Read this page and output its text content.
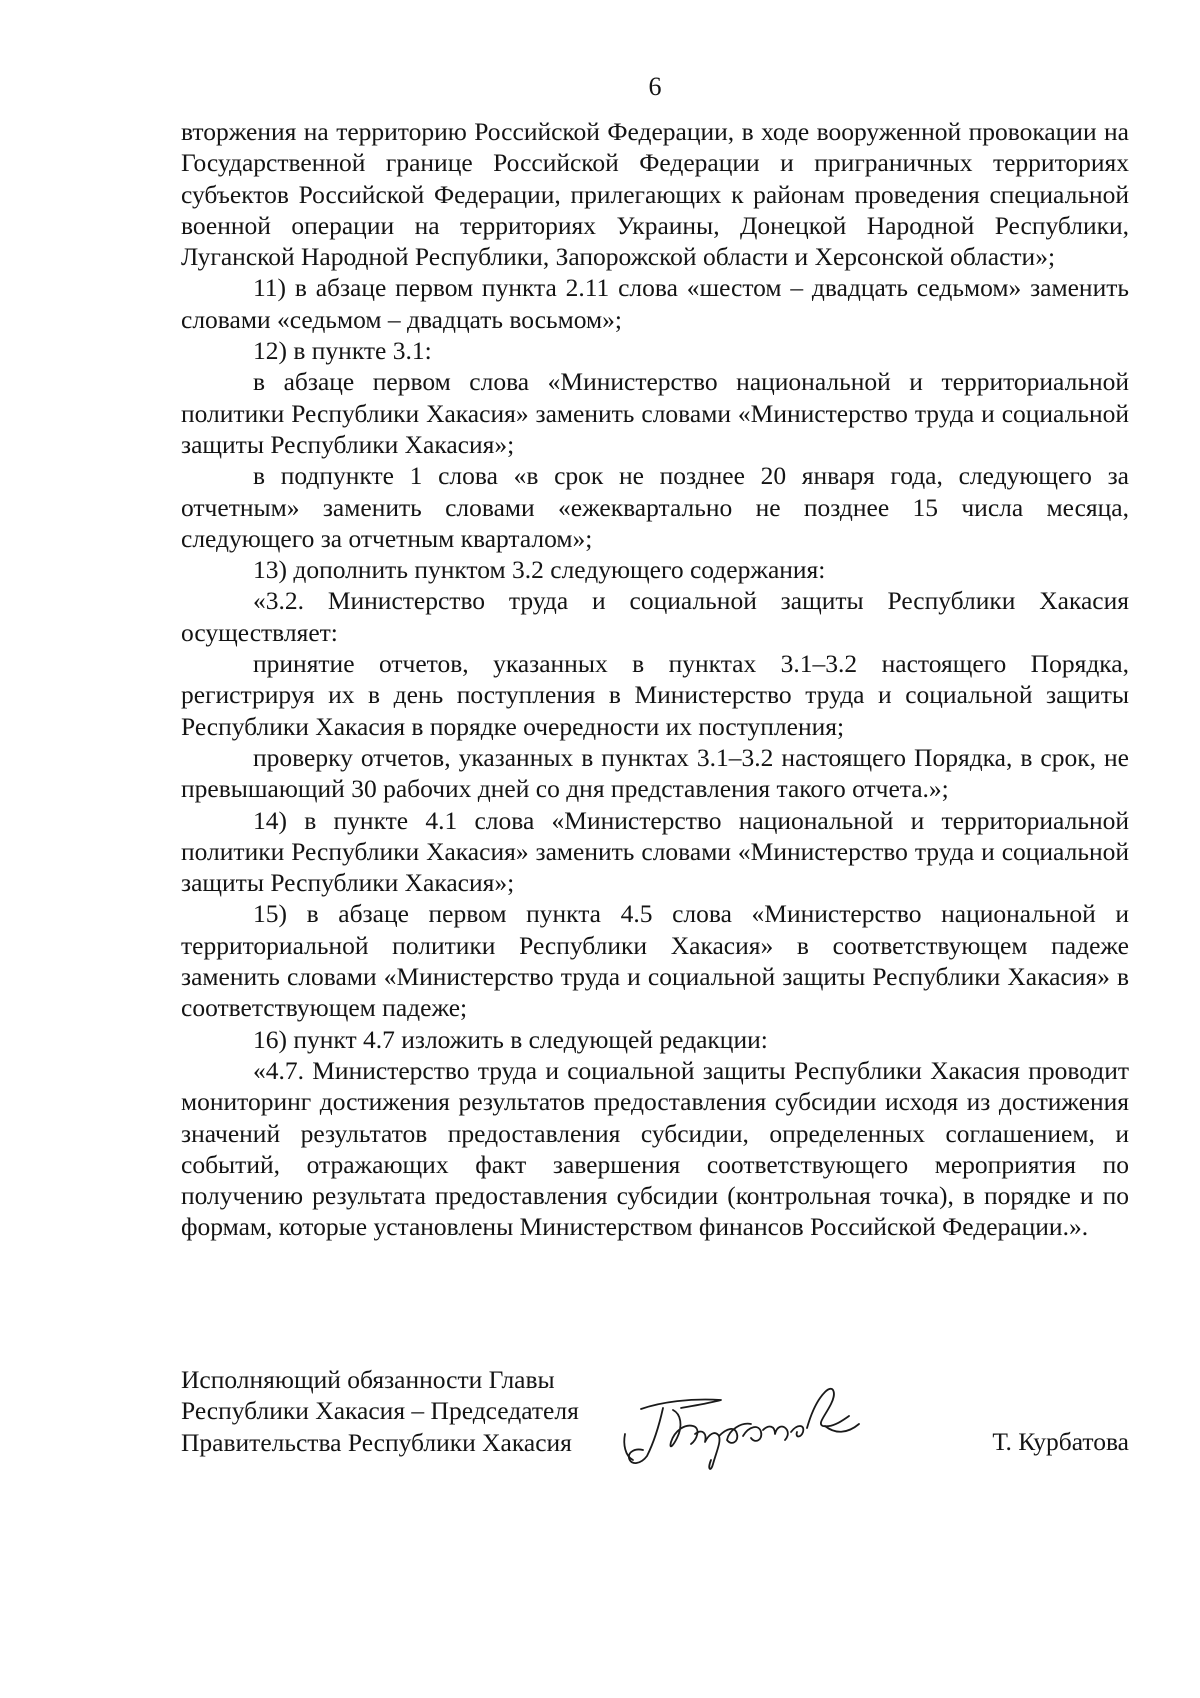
6

вторжения на территорию Российской Федерации, в ходе вооруженной провокации на Государственной границе Российской Федерации и приграничных территориях субъектов Российской Федерации, прилегающих к районам проведения специальной военной операции на территориях Украины, Донецкой Народной Республики, Луганской Народной Республики, Запорожской области и Херсонской области»;

11) в абзаце первом пункта 2.11 слова «шестом – двадцать седьмом» заменить словами «седьмом – двадцать восьмом»;

12) в пункте 3.1:

в абзаце первом слова «Министерство национальной и территориальной политики Республики Хакасия» заменить словами «Министерство труда и социальной защиты Республики Хакасия»;

в подпункте 1 слова «в срок не позднее 20 января года, следующего за отчетным» заменить словами «ежеквартально не позднее 15 числа месяца, следующего за отчетным кварталом»;

13) дополнить пунктом 3.2 следующего содержания:

«3.2. Министерство труда и социальной защиты Республики Хакасия осуществляет:

принятие отчетов, указанных в пунктах 3.1–3.2 настоящего Порядка, регистрируя их в день поступления в Министерство труда и социальной защиты Республики Хакасия в порядке очередности их поступления;

проверку отчетов, указанных в пунктах 3.1–3.2 настоящего Порядка, в срок, не превышающий 30 рабочих дней со дня представления такого отчета.»;

14) в пункте 4.1 слова «Министерство национальной и территориальной политики Республики Хакасия» заменить словами «Министерство труда и социальной защиты Республики Хакасия»;

15) в абзаце первом пункта 4.5 слова «Министерство национальной и территориальной политики Республики Хакасия» в соответствующем падеже заменить словами «Министерство труда и социальной защиты Республики Хакасия» в соответствующем падеже;

16) пункт 4.7 изложить в следующей редакции:

«4.7. Министерство труда и социальной защиты Республики Хакасия проводит мониторинг достижения результатов предоставления субсидии исходя из достижения значений результатов предоставления субсидии, определенных соглашением, и событий, отражающих факт завершения соответствующего мероприятия по получению результата предоставления субсидии (контрольная точка), в порядке и по формам, которые установлены Министерством финансов Российской Федерации.».

Исполняющий обязанности Главы
Республики Хакасия – Председателя
Правительства Республики Хакасия	Т. Курбатова
